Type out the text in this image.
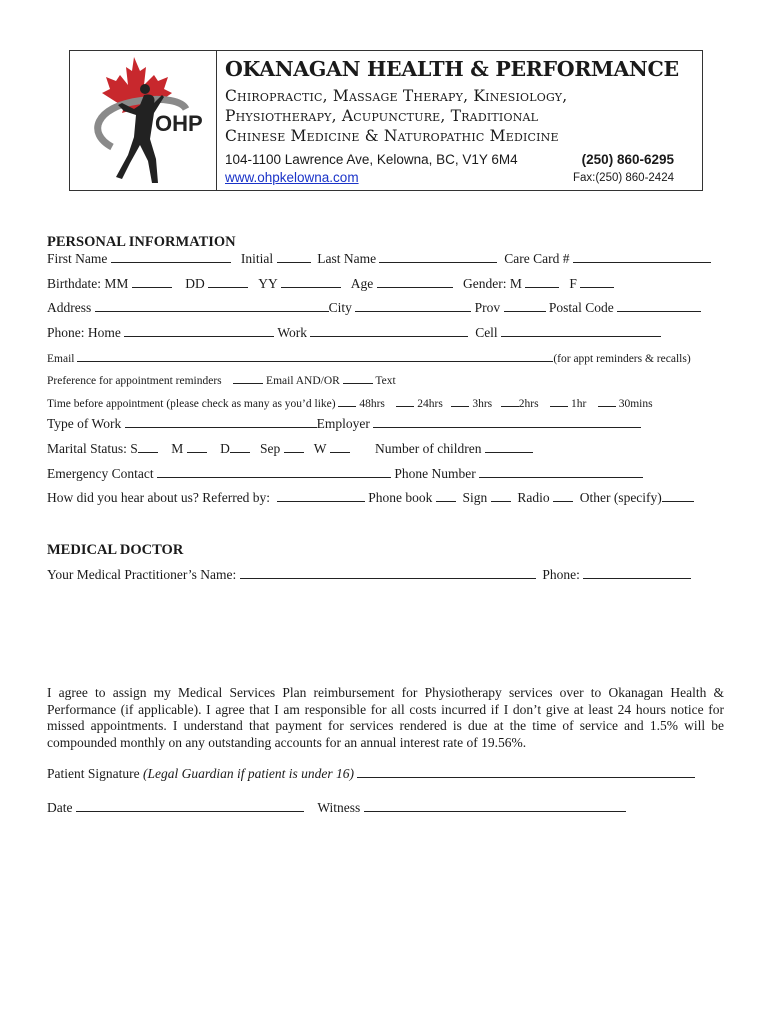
OHP
OKANAGAN HEALTH & PERFORMANCE
Chiropractic, Massage Therapy, Kinesiology,
Physiotherapy, Acupuncture, Traditional
Chinese Medicine & Naturopathic Medicine
104-1100 Lawrence Ave, Kelowna, BC, V1Y 6M4	(250) 860-6295
www.ohpkelowna.com	Fax:(250) 860-2424
PERSONAL INFORMATION
First Name	Initial	Last Name	Care Card #
Birthdate: MM	DD	YY	Age	Gender: M	F
Address	City	Prov	Postal Code
Phone: Home	Work	Cell
Email	(for appt reminders & recalls)
Preference for appointment reminders	Email AND/OR	Text
Time before appointment (please check as many as you’d like) 48hrs	24hrs	3hrs 2hrs	1hr	30mins
Type of Work	Employer
Marital Status: S M	D Sep W	Number of children
Emergency Contact	Phone Number
How did you hear about us? Referred by:	Phone book Sign Radio Other (specify)
MEDICAL DOCTOR
Your Medical Practitioner’s Name:	Phone:
I agree to assign my Medical Services Plan reimbursement for Physiotherapy services over to Okanagan Health & Performance (if applicable). I agree that I am responsible for all costs incurred if I don’t give at least 24 hours notice for missed appointments. I understand that payment for services rendered is due at the time of service and 1.5% will be compounded monthly on any outstanding accounts for an annual interest rate of 19.56%.
Patient Signature (Legal Guardian if patient is under 16)
Date	Witness
